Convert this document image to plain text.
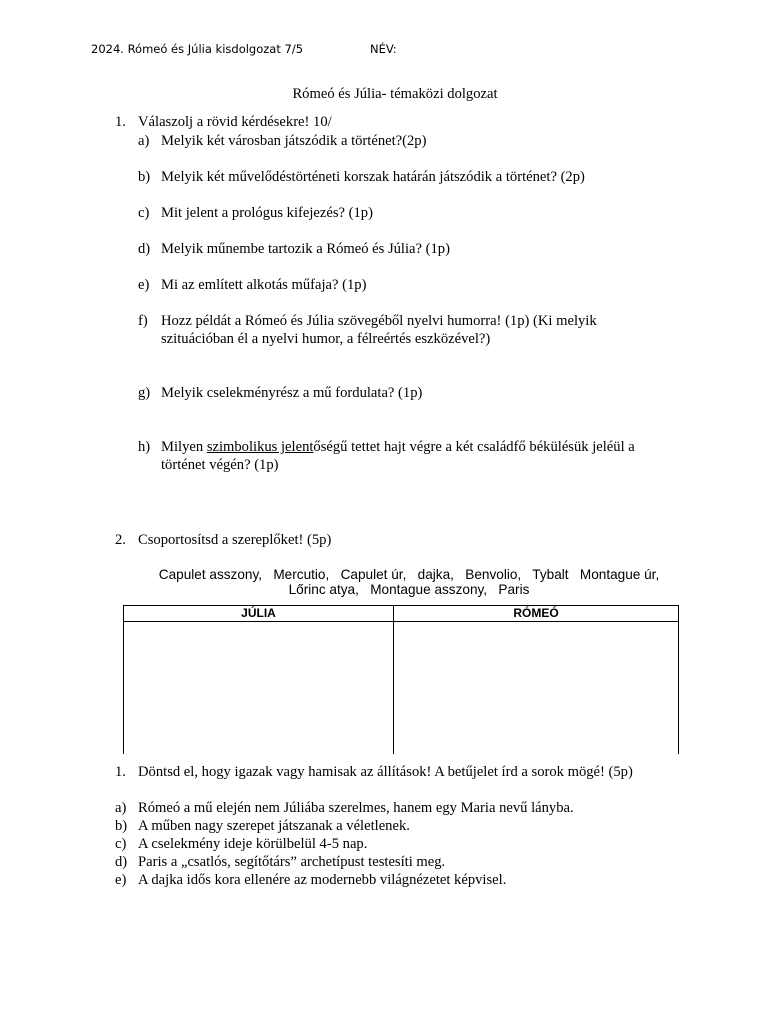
2024. Rómeó és Júlia kisdolgozat 7/5	NÉV:
Rómeó és Júlia- témaközi dolgozat
1. Válaszolj a rövid kérdésekre! 10/
a) Melyik két városban játszódik a történet?(2p)
b) Melyik két művelődéstörténeti korszak határán játszódik a történet? (2p)
c) Mit jelent a prológus kifejezés? (1p)
d) Melyik műnembe tartozik a Rómeó és Júlia? (1p)
e) Mi az említett alkotás műfaja? (1p)
f) Hozz példát a Rómeó és Júlia szövegéből nyelvi humorra! (1p) (Ki melyik
szituációban él a nyelvi humor, a félreértés eszközével?)
g) Melyik cselekményrész a mű fordulata? (1p)
h) Milyen szimbolikus jelentőségű tettet hajt végre a két családfő békülésük jeléül a
történet végén? (1p)
2. Csoportosítsd a szereplőket! (5p)
Capulet asszony,   Mercutio,   Capulet úr,   dajka,   Benvolio,   Tybalt   Montague úr,
Lőrinc atya,   Montague asszony,   Paris
JÚLIA	RÓMEÓ
1. Döntsd el, hogy igazak vagy hamisak az állítások! A betűjelet írd a sorok mögé! (5p)
a) Rómeó a mű elején nem Júliába szerelmes, hanem egy Maria nevű lányba.
b) A műben nagy szerepet játszanak a véletlenek.
c) A cselekmény ideje körülbelül 4-5 nap.
d) Paris a „csatlós, segítőtárs” archetípust testesíti meg.
e) A dajka idős kora ellenére az modernebb világnézetet képvisel.
